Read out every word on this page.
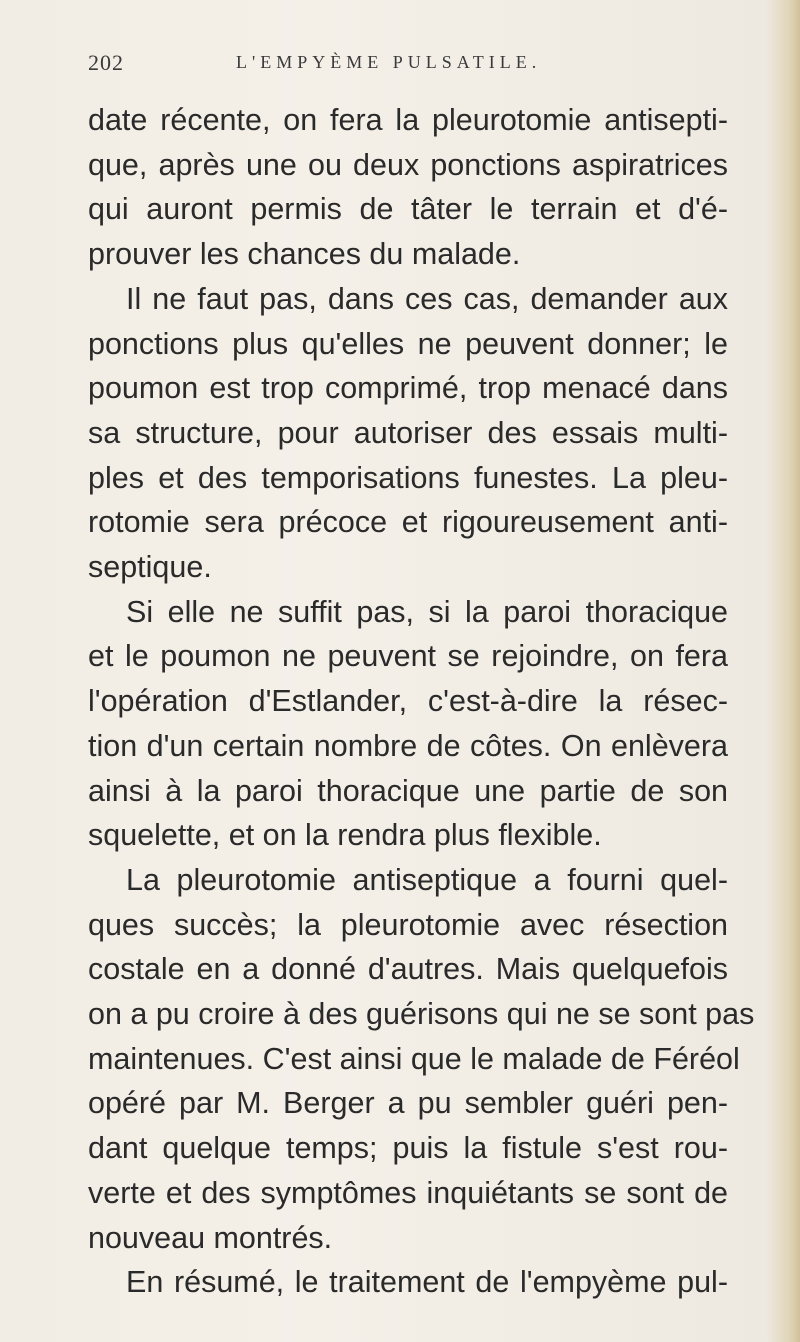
202	L'EMPYÈME PULSATILE.
date récente, on fera la pleurotomie antisepti-
que, après une ou deux ponctions aspiratrices
qui auront permis de tâter le terrain et d'é-
prouver les chances du malade.
Il ne faut pas, dans ces cas, demander aux
ponctions plus qu'elles ne peuvent donner; le
poumon est trop comprimé, trop menacé dans
sa structure, pour autoriser des essais multi-
ples et des temporisations funestes. La pleu-
rotomie sera précoce et rigoureusement anti-
septique.
Si elle ne suffit pas, si la paroi thoracique
et le poumon ne peuvent se rejoindre, on fera
l'opération d'Estlander, c'est-à-dire la résec-
tion d'un certain nombre de côtes. On enlèvera
ainsi à la paroi thoracique une partie de son
squelette, et on la rendra plus flexible.
La pleurotomie antiseptique a fourni quel-
ques succès; la pleurotomie avec résection
costale en a donné d'autres. Mais quelquefois
on a pu croire à des guérisons qui ne se sont pas
maintenues. C'est ainsi que le malade de Féréol
opéré par M. Berger a pu sembler guéri pen-
dant quelque temps; puis la fistule s'est rou-
verte et des symptômes inquiétants se sont de
nouveau montrés.
En résumé, le traitement de l'empyème pul-
